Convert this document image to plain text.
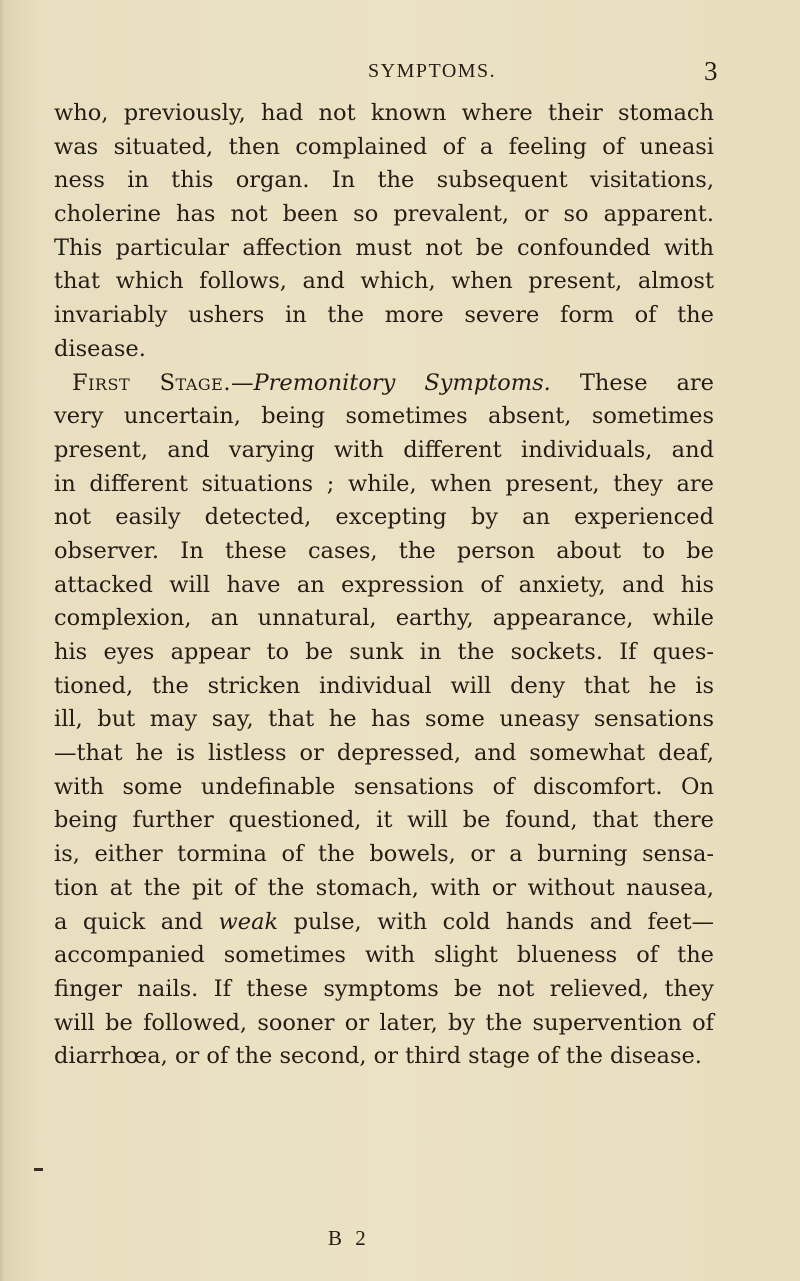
SYMPTOMS.	3
who, previously, had not known where their stomach
was situated, then complained of a feeling of uneasi
ness in this organ. In the subsequent visitations,
cholerine has not been so prevalent, or so apparent.
This particular affection must not be confounded with
that which follows, and which, when present, almost
invariably ushers in the more severe form of the
disease.
First Stage.—Premonitory Symptoms. These are
very uncertain, being sometimes absent, sometimes
present, and varying with different individuals, and
in different situations ; while, when present, they are
not easily detected, excepting by an experienced
observer. In these cases, the person about to be
attacked will have an expression of anxiety, and his
complexion, an unnatural, earthy, appearance, while
his eyes appear to be sunk in the sockets. If ques-
tioned, the stricken individual will deny that he is
ill, but may say, that he has some uneasy sensations
—that he is listless or depressed, and somewhat deaf,
with some undefinable sensations of discomfort. On
being further questioned, it will be found, that there
is, either tormina of the bowels, or a burning sensa-
tion at the pit of the stomach, with or without nausea,
a quick and weak pulse, with cold hands and feet—
accompanied sometimes with slight blueness of the
finger nails. If these symptoms be not relieved, they
will be followed, sooner or later, by the supervention of
diarrhœa, or of the second, or third stage of the disease.
B 2
